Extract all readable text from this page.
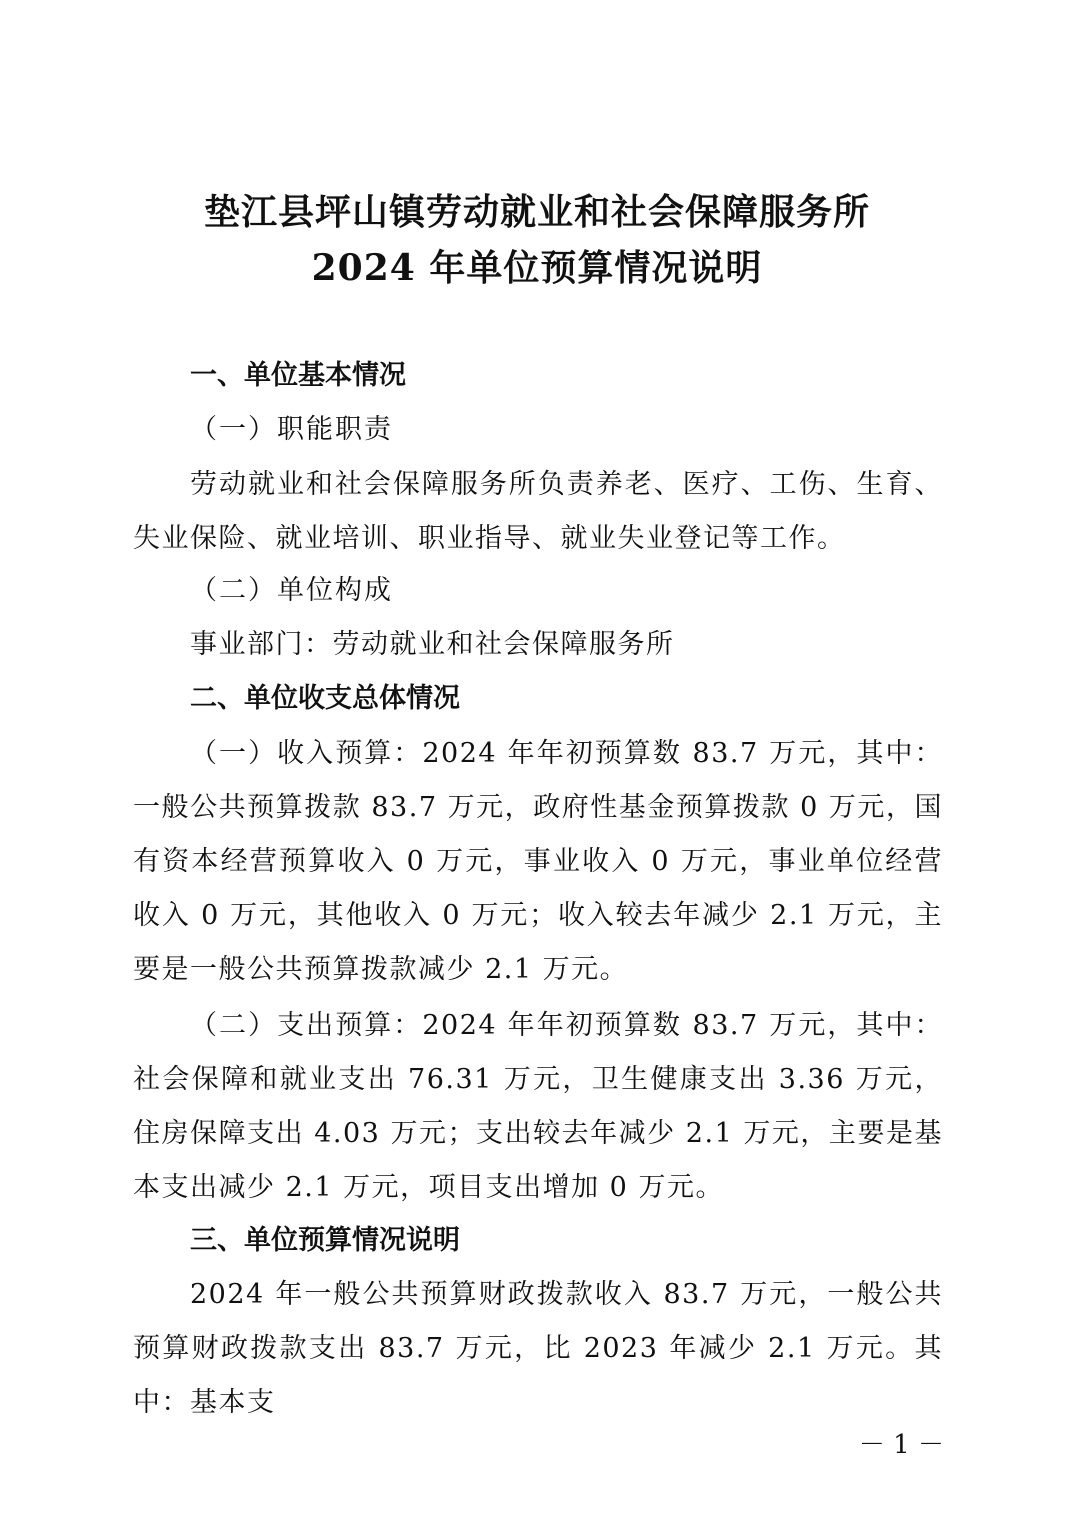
垫江县坪山镇劳动就业和社会保障服务所
2024 年单位预算情况说明
一、单位基本情况
（一）职能职责
劳动就业和社会保障服务所负责养老、医疗、工伤、生育、失业保险、就业培训、职业指导、就业失业登记等工作。
（二）单位构成
事业部门：劳动就业和社会保障服务所
二、单位收支总体情况
（一）收入预算：2024 年年初预算数 83.7 万元，其中：一般公共预算拨款 83.7 万元，政府性基金预算拨款 0 万元，国有资本经营预算收入 0 万元，事业收入 0 万元，事业单位经营收入 0 万元，其他收入 0 万元；收入较去年减少 2.1 万元，主要是一般公共预算拨款减少 2.1 万元。
（二）支出预算：2024 年年初预算数 83.7 万元，其中：社会保障和就业支出 76.31 万元，卫生健康支出 3.36 万元，住房保障支出 4.03 万元；支出较去年减少 2.1 万元，主要是基本支出减少 2.1 万元，项目支出增加 0 万元。
三、单位预算情况说明
2024 年一般公共预算财政拨款收入 83.7 万元，一般公共预算财政拨款支出 83.7 万元，比 2023 年减少 2.1 万元。其中：基本支
－ 1 －
